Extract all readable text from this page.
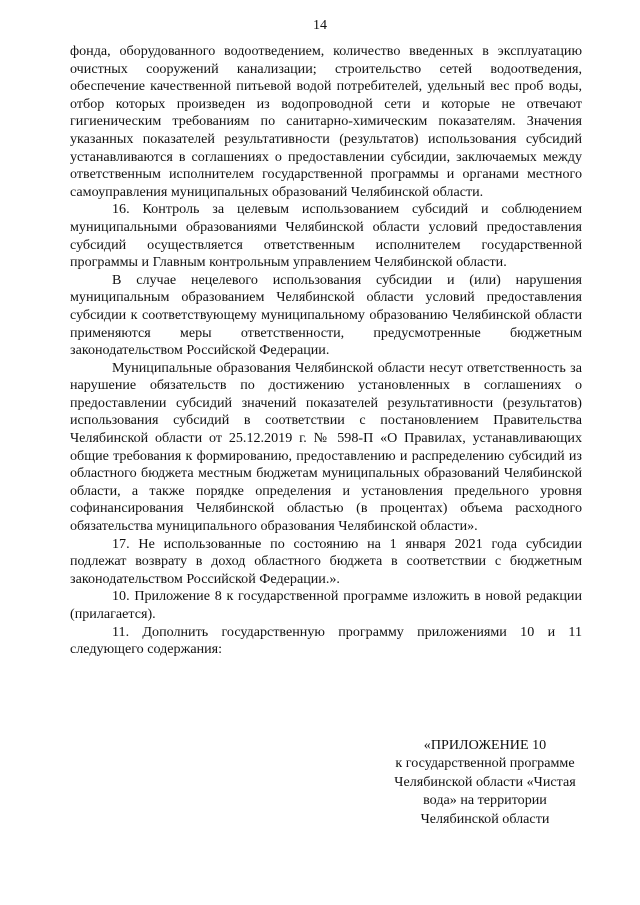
14

фонда, оборудованного водоотведением, количество введенных в эксплуатацию очистных сооружений канализации; строительство сетей водоотведения, обеспечение качественной питьевой водой потребителей, удельный вес проб воды, отбор которых произведен из водопроводной сети и которые не отвечают гигиеническим требованиям по санитарно-химическим показателям. Значения указанных показателей результативности (результатов) использования субсидий устанавливаются в соглашениях о предоставлении субсидии, заключаемых между ответственным исполнителем государственной программы и органами местного самоуправления муниципальных образований Челябинской области.

16. Контроль за целевым использованием субсидий и соблюдением муниципальными образованиями Челябинской области условий предоставления субсидий осуществляется ответственным исполнителем государственной программы и Главным контрольным управлением Челябинской области.

В случае нецелевого использования субсидии и (или) нарушения муниципальным образованием Челябинской области условий предоставления субсидии к соответствующему муниципальному образованию Челябинской области применяются меры ответственности, предусмотренные бюджетным законодательством Российской Федерации.

Муниципальные образования Челябинской области несут ответственность за нарушение обязательств по достижению установленных в соглашениях о предоставлении субсидий значений показателей результативности (результатов) использования субсидий в соответствии с постановлением Правительства Челябинской области от 25.12.2019 г. № 598-П «О Правилах, устанавливающих общие требования к формированию, предоставлению и распределению субсидий из областного бюджета местным бюджетам муниципальных образований Челябинской области, а также порядке определения и установления предельного уровня софинансирования Челябинской областью (в процентах) объема расходного обязательства муниципального образования Челябинской области».

17. Не использованные по состоянию на 1 января 2021 года субсидии подлежат возврату в доход областного бюджета в соответствии с бюджетным законодательством Российской Федерации.».

10. Приложение 8 к государственной программе изложить в новой редакции (прилагается).

11. Дополнить государственную программу приложениями 10 и 11 следующего содержания:

«ПРИЛОЖЕНИЕ 10
к государственной программе
Челябинской области «Чистая
вода» на территории
Челябинской области
